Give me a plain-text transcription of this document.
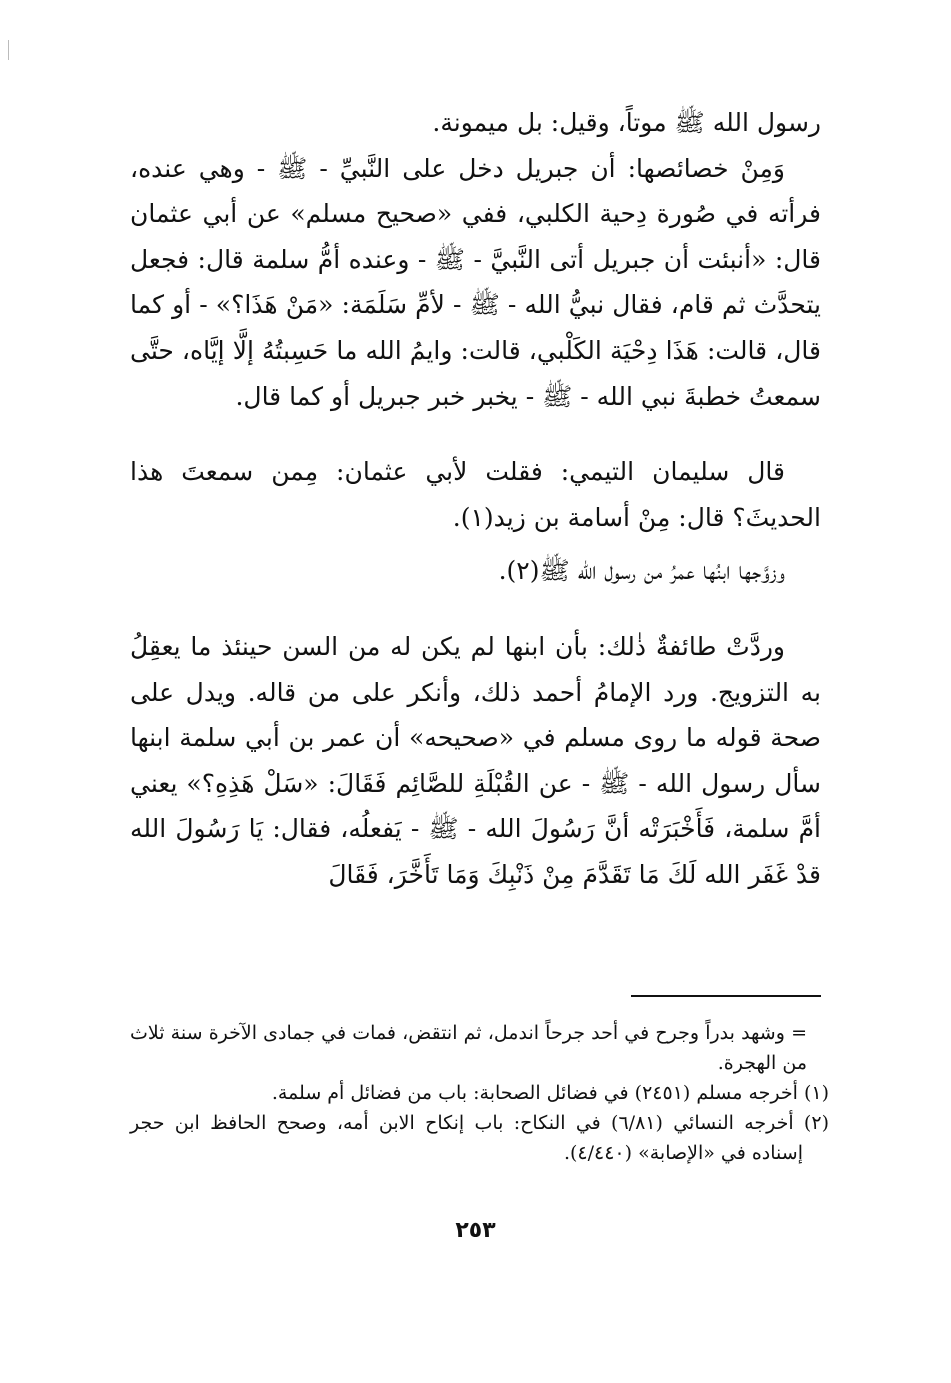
رسول الله ﷺ موتاً، وقيل: بل ميمونة.

وَمِنْ خصائصها: أن جبريل دخل على النَّبيِّ - ﷺ - وهي عنده، فرأته في صُورة دِحية الكلبي، ففي «صحيح مسلم» عن أبي عثمان قال: «أنبئت أن جبريل أتى النَّبيَّ - ﷺ - وعنده أمُّ سلمة قال: فجعل يتحدَّث ثم قام، فقال نبيُّ الله - ﷺ - لأمِّ سَلَمَة: «مَنْ هَذَا؟» - أو كما قال، قالت: هَذَا دِحْيَة الكَلْبي، قالت: وايمُ الله ما حَسِبتُهُ إلَّا إيَّاه، حتَّى سمعتُ خطبةَ نبي الله - ﷺ - يخبر خبر جبريل أو كما قال.

قال سليمان التيمي: فقلت لأبي عثمان: مِمن سمعتَ هذا الحديثَ؟ قال: مِنْ أسامة بن زيد(١).

وزوَّجها ابنُها عمرُ من رسول الله ﷺ(٢).

وردَّتْ طائفةٌ ذٰلك: بأن ابنها لم يكن له من السن حينئذ ما يعقِلُ به التزويج. ورد الإمامُ أحمد ذلك، وأنكر على من قاله. ويدل على صحة قوله ما روى مسلم في «صحيحه» أن عمر بن أبي سلمة ابنها سأل رسول الله - ﷺ - عن القُبْلَةِ للصَّائِم فَقَالَ: «سَلْ هَذِهِ؟» يعني أمَّ سلمة، فَأَخْبَرَتْه أنَّ رَسُولَ الله - ﷺ - يَفعلُه، فقال: يَا رَسُولَ الله قدْ غَفَر الله لَكَ مَا تَقَدَّمَ مِنْ ذَنْبِكَ وَمَا تَأَخَّرَ، فَقَالَ

= وشهد بدراً وجرح في أحد جرحاً اندمل، ثم انتقض، فمات في جمادى الآخرة سنة ثلاث من الهجرة.

(١) أخرجه مسلم (٢٤٥١) في فضائل الصحابة: باب من فضائل أم سلمة.

(٢) أخرجه النسائي (٦/٨١) في النكاح: باب إنكاح الابن أمه، وصحح الحافظ ابن حجر إسناده في «الإصابة» (٤/٤٤٠).

٢٥٣
